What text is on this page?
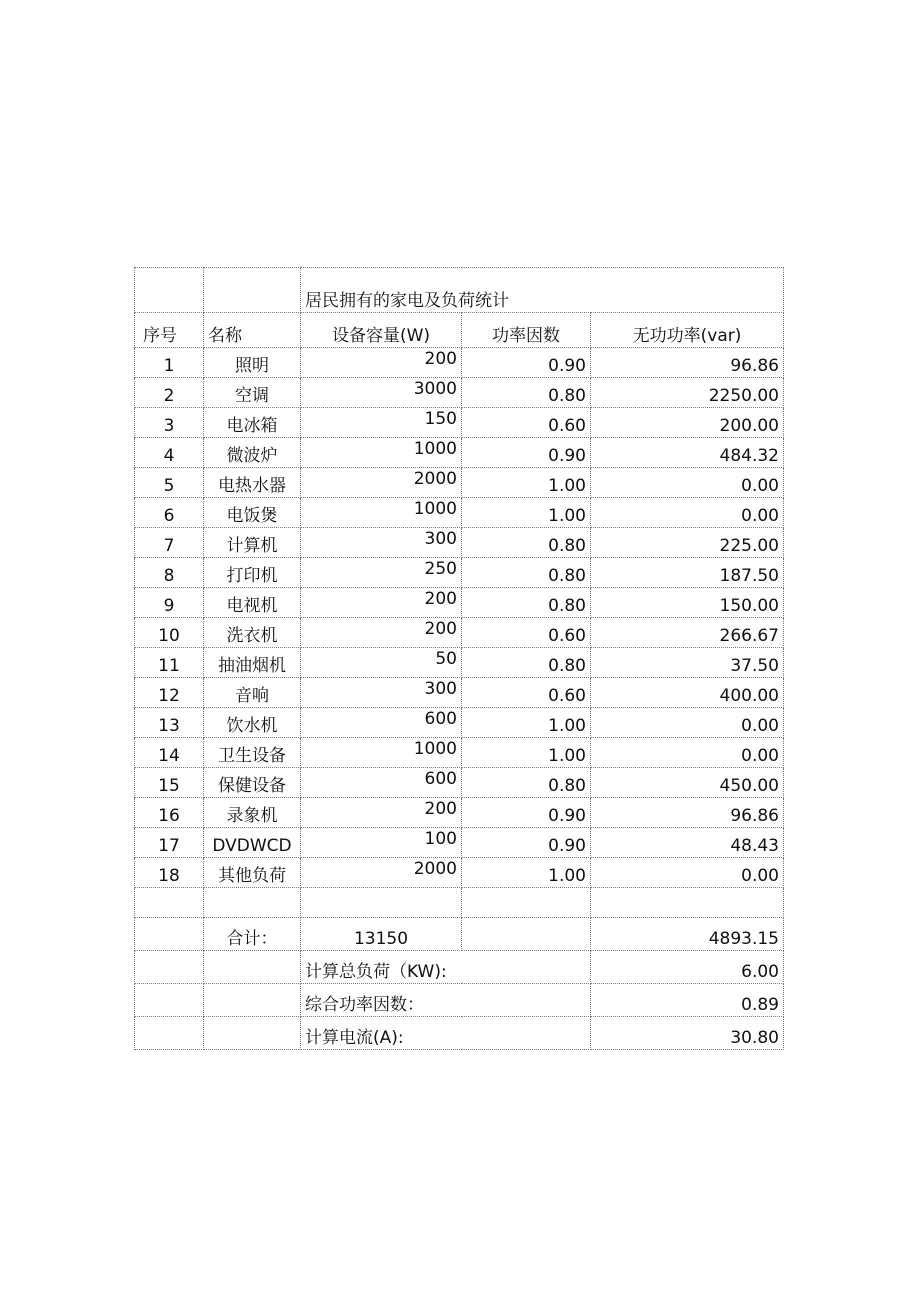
		居民拥有的家电及负荷统计		
序号	名称	设备容量(W)	功率因数	无功功率(var)
1	照明	200	0.90	96.86
2	空调	3000	0.80	2250.00
3	电冰箱	150	0.60	200.00
4	微波炉	1000	0.90	484.32
5	电热水器	2000	1.00	0.00
6	电饭煲	1000	1.00	0.00
7	计算机	300	0.80	225.00
8	打印机	250	0.80	187.50
9	电视机	200	0.80	150.00
10	洗衣机	200	0.60	266.67
11	抽油烟机	50	0.80	37.50
12	音响	300	0.60	400.00
13	饮水机	600	1.00	0.00
14	卫生设备	1000	1.00	0.00
15	保健设备	600	0.80	450.00
16	录象机	200	0.90	96.86
17	DVDWCD	100	0.90	48.43
18	其他负荷	2000	1.00	0.00

	合计：	13150		4893.15
		计算总负荷（KW):		6.00
		综合功率因数：		0.89
		计算电流(A):		30.80
